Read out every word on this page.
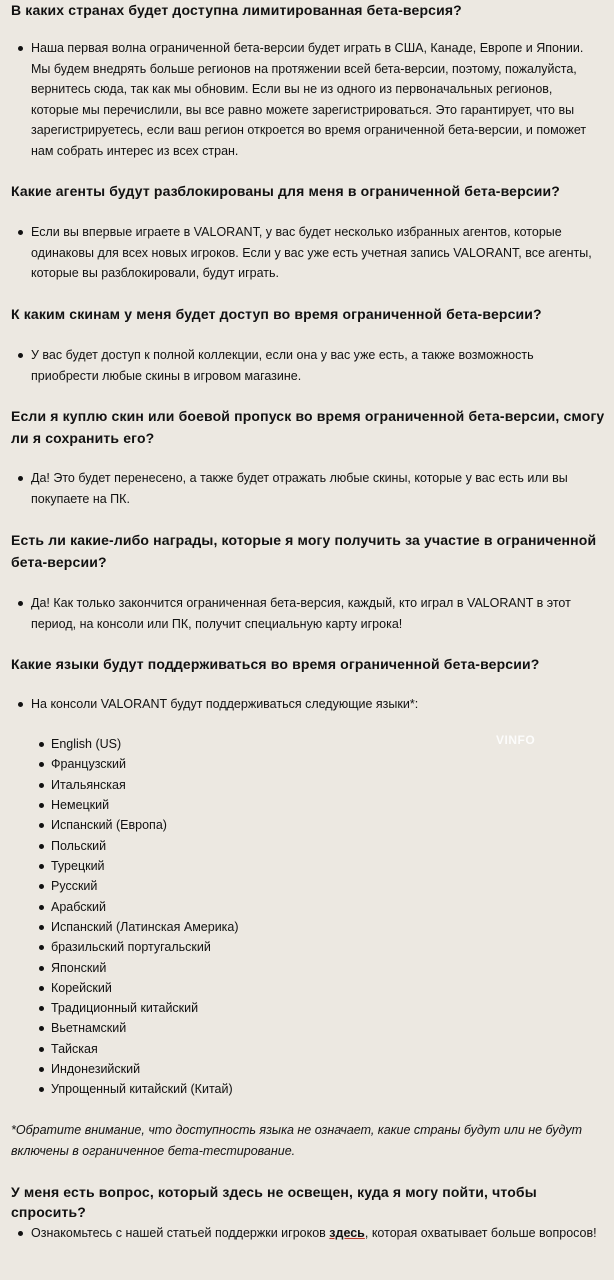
В каких странах будет доступна лимитированная бета-версия?
Наша первая волна ограниченной бета-версии будет играть в США, Канаде, Европе и Японии. Мы будем внедрять больше регионов на протяжении всей бета-версии, поэтому, пожалуйста, вернитесь сюда, так как мы обновим. Если вы не из одного из первоначальных регионов, которые мы перечислили, вы все равно можете зарегистрироваться. Это гарантирует, что вы зарегистрируетесь, если ваш регион откроется во время ограниченной бета-версии, и поможет нам собрать интерес из всех стран.
Какие агенты будут разблокированы для меня в ограниченной бета-версии?
Если вы впервые играете в VALORANT, у вас будет несколько избранных агентов, которые одинаковы для всех новых игроков. Если у вас уже есть учетная запись VALORANT, все агенты, которые вы разблокировали, будут играть.
К каким скинам у меня будет доступ во время ограниченной бета-версии?
У вас будет доступ к полной коллекции, если она у вас уже есть, а также возможность приобрести любые скины в игровом магазине.
Если я куплю скин или боевой пропуск во время ограниченной бета-версии, смогу ли я сохранить его?
Да! Это будет перенесено, а также будет отражать любые скины, которые у вас есть или вы покупаете на ПК.
Есть ли какие-либо награды, которые я могу получить за участие в ограниченной бета-версии?
Да! Как только закончится ограниченная бета-версия, каждый, кто играл в VALORANT в этот период, на консоли или ПК, получит специальную карту игрока!
Какие языки будут поддерживаться во время ограниченной бета-версии?
На консоли VALORANT будут поддерживаться следующие языки*:
English (US)
Французский
Итальянская
Немецкий
Испанский (Европа)
Польский
Турецкий
Русский
Арабский
Испанский (Латинская Америка)
бразильский португальский
Японский
Корейский
Традиционный китайский
Вьетнамский
Тайская
Индонезийский
Упрощенный китайский (Китай)
VINFO
*Обратите внимание, что доступность языка не означает, какие страны будут или не будут включены в ограниченное бета-тестирование.
У меня есть вопрос, который здесь не освещен, куда я могу пойти, чтобы спросить?
Ознакомьтесь с нашей статьей поддержки игроков здесь, которая охватывает больше вопросов!
